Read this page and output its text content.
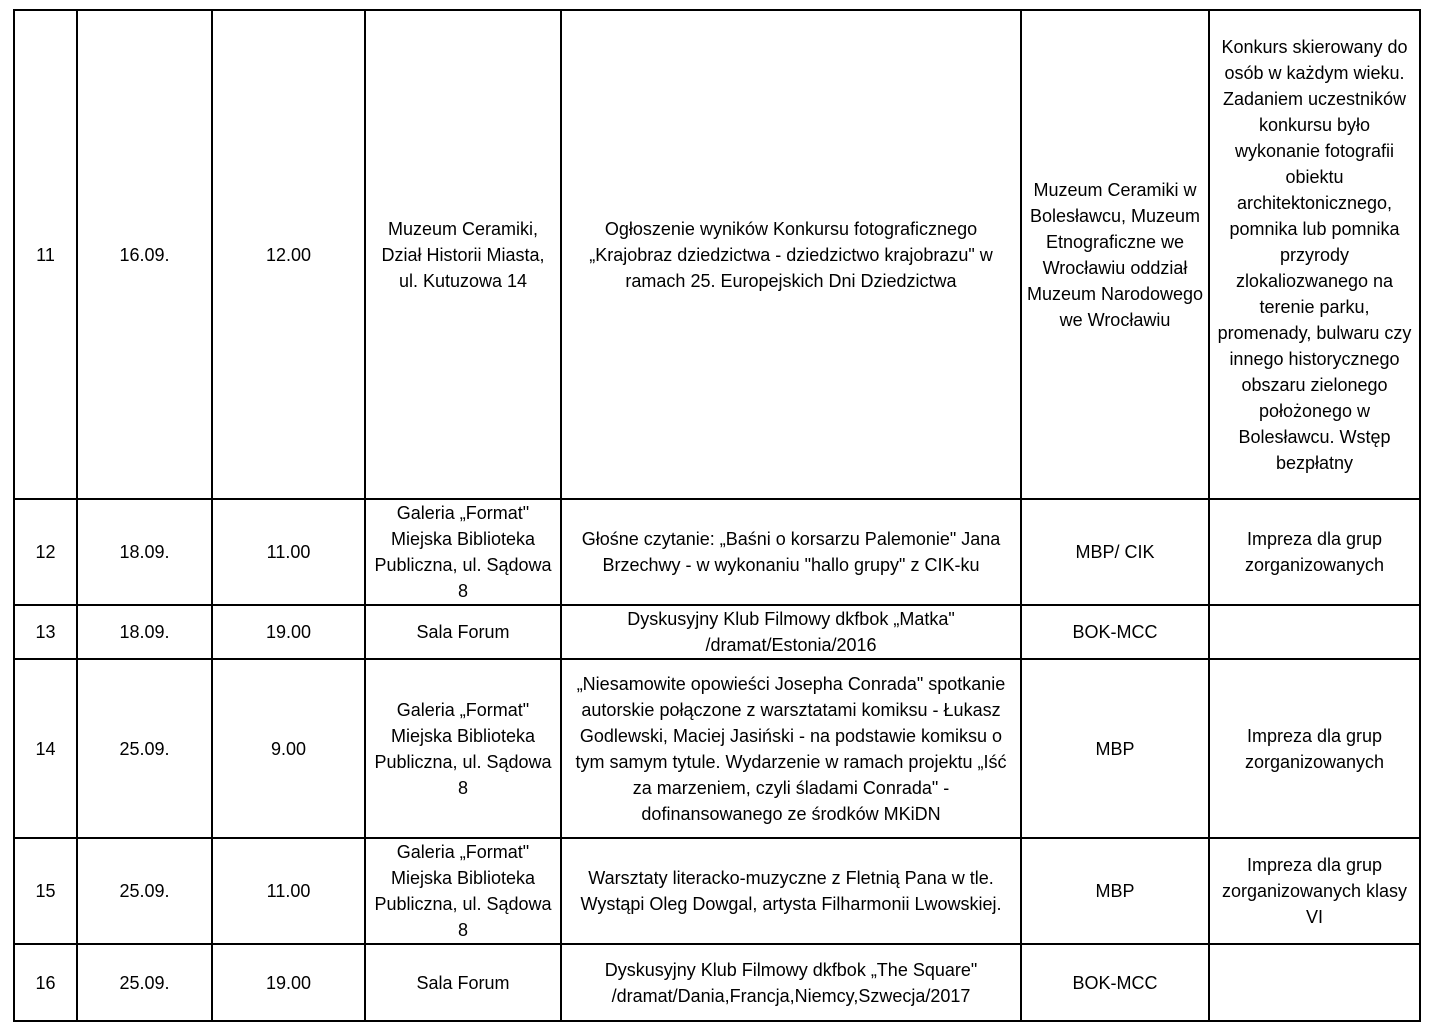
11	16.09.	12.00	Muzeum Ceramiki, Dział Historii Miasta, ul. Kutuzowa 14	Ogłoszenie wyników Konkursu fotograficznego „Krajobraz dziedzictwa - dziedzictwo krajobrazu" w ramach 25. Europejskich Dni Dziedzictwa	Muzeum Ceramiki w Bolesławcu, Muzeum Etnograficzne we Wrocławiu oddział Muzeum Narodowego we Wrocławiu	Konkurs skierowany do osób w każdym wieku. Zadaniem uczestników konkursu było wykonanie fotografii obiektu architektonicznego, pomnika lub pomnika przyrody zlokaliozwanego na terenie parku, promenady, bulwaru czy innego historycznego obszaru zielonego położonego w Bolesławcu. Wstęp bezpłatny
12	18.09.	11.00	Galeria „Format" Miejska Biblioteka Publiczna, ul. Sądowa 8	Głośne czytanie: „Baśni o korsarzu Palemonie" Jana Brzechwy - w wykonaniu "hallo grupy" z CIK-ku	MBP/ CIK	Impreza dla grup zorganizowanych
13	18.09.	19.00	Sala Forum	Dyskusyjny Klub Filmowy dkfbok „Matka" /dramat/Estonia/2016	BOK-MCC	
14	25.09.	9.00	Galeria „Format" Miejska Biblioteka Publiczna, ul. Sądowa 8	„Niesamowite opowieści Josepha Conrada" spotkanie autorskie połączone z warsztatami komiksu - Łukasz Godlewski, Maciej Jasiński - na podstawie komiksu o tym samym tytule. Wydarzenie w ramach projektu „Iść za marzeniem, czyli śladami Conrada" - dofinansowanego ze środków MKiDN	MBP	Impreza dla grup zorganizowanych
15	25.09.	11.00	Galeria „Format" Miejska Biblioteka Publiczna, ul. Sądowa 8	Warsztaty literacko-muzyczne z Fletnią Pana w tle. Wystąpi Oleg Dowgal, artysta Filharmonii Lwowskiej.	MBP	Impreza dla grup zorganizowanych klasy VI
16	25.09.	19.00	Sala Forum	Dyskusyjny Klub Filmowy dkfbok „The Square" /dramat/Dania,Francja,Niemcy,Szwecja/2017	BOK-MCC	
